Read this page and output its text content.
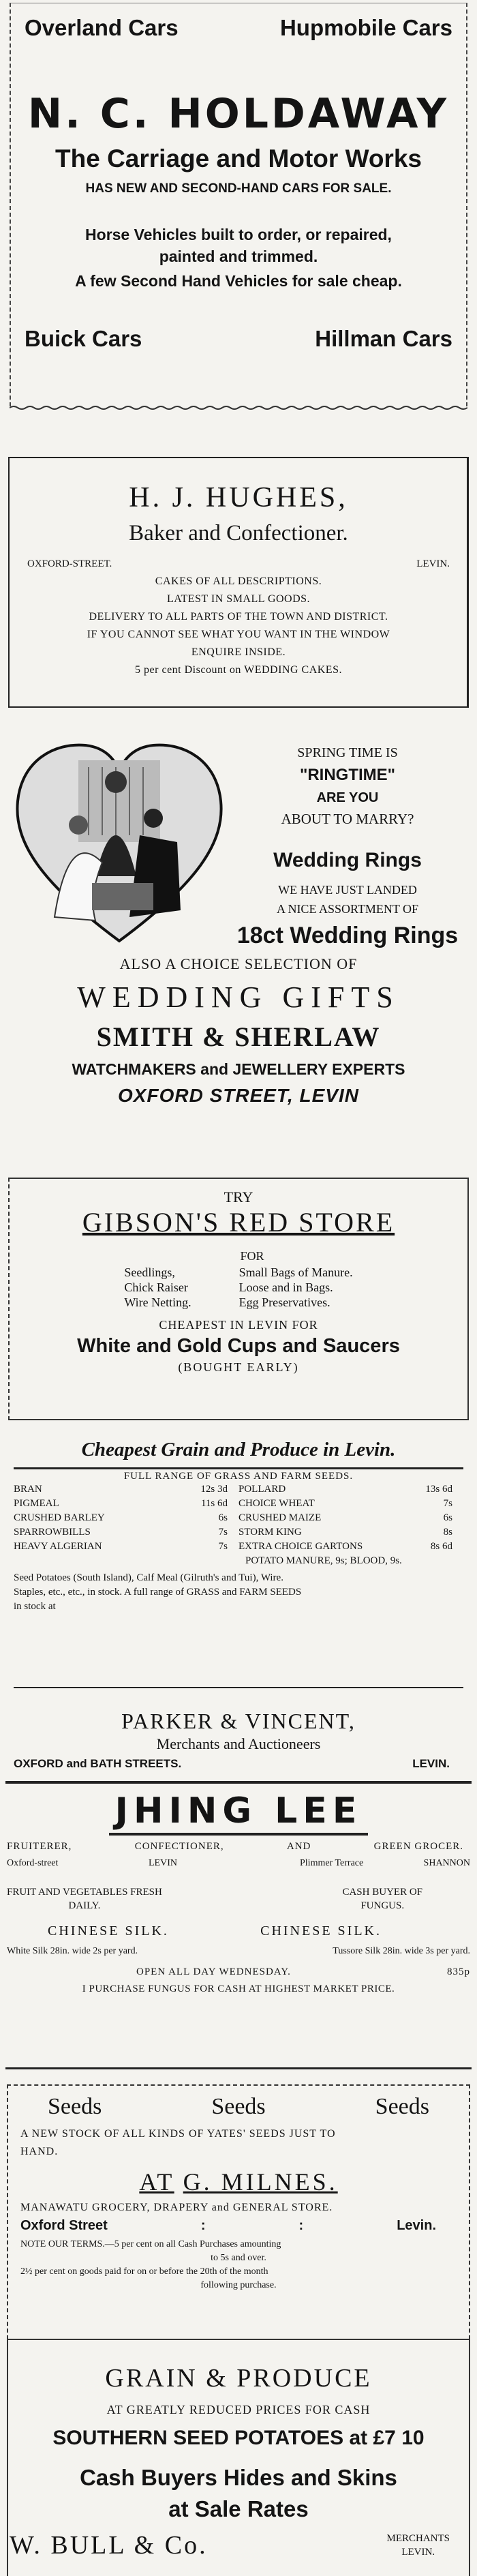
Overland Cars	Hupmobile Cars
N. C. HOLDAWAY
The Carriage and Motor Works
HAS NEW AND SECOND-HAND CARS FOR SALE.
Horse Vehicles built to order, or repaired,
painted and trimmed.
A few Second Hand Vehicles for sale cheap.
Buick Cars	Hillman Cars
H. J. HUGHES,
Baker and Confectioner.
OXFORD-STREET.	LEVIN.
CAKES OF ALL DESCRIPTIONS.
LATEST IN SMALL GOODS.
DELIVERY TO ALL PARTS OF THE TOWN AND DISTRICT.
IF YOU CANNOT SEE WHAT YOU WANT IN THE WINDOW
ENQUIRE INSIDE.
5 per cent Discount on WEDDING CAKES.
SPRING TIME IS
"RINGTIME"
ARE YOU
ABOUT TO MARRY?
Wedding Rings
WE HAVE JUST LANDED
A NICE ASSORTMENT OF
18ct Wedding Rings
ALSO A CHOICE SELECTION OF
WEDDING GIFTS
SMITH & SHERLAW
WATCHMAKERS and JEWELLERY EXPERTS
OXFORD STREET, LEVIN
TRY
GIBSON'S RED STORE
FOR
Seedlings,
Chick Raiser
Wire Netting.
Small Bags of Manure.
Loose and in Bags.
Egg Preservatives.
CHEAPEST IN LEVIN FOR
White and Gold Cups and Saucers
(BOUGHT EARLY)
Cheapest Grain and Produce in Levin.
FULL RANGE OF GRASS AND FARM SEEDS.
BRAN	12s 3d POLLARD	13s 6d
PIGMEAL	11s 6d CHOICE WHEAT	7s
CRUSHED BARLEY	6s CRUSHED MAIZE	6s
SPARROWBILLS	7s STORM KING	8s
HEAVY ALGERIAN	7s EXTRA CHOICE GARTONS	8s 6d
POTATO MANURE, 9s; BLOOD, 9s.
Seed Potatoes (South Island), Calf Meal (Gilruth's and Tui), Wire.
Staples, etc., etc., in stock. A full range of GRASS and FARM SEEDS
in stock at
PARKER & VINCENT,
Merchants and Auctioneers
OXFORD and BATH STREETS.	LEVIN.
JHING LEE
FRUITERER,	CONFECTIONER,	AND	GREEN GROCER.
Oxford-street	LEVIN	Plimmer Terrace	SHANNON
FRUIT AND VEGETABLES FRESH
DAILY.
CASH BUYER OF
FUNGUS.
CHINESE SILK.	CHINESE SILK.
White Silk 28in. wide 2s per yard.	Tussore Silk 28in. wide 3s per yard.
OPEN ALL DAY WEDNESDAY.	835p
I PURCHASE FUNGUS FOR CASH AT HIGHEST MARKET PRICE.
Seeds	Seeds	Seeds
A NEW STOCK OF ALL KINDS OF YATES' SEEDS JUST TO
HAND.
AT G. MILNES.
MANAWATU GROCERY, DRAPERY and GENERAL STORE.
Oxford Street	:	:	Levin.
NOTE OUR TERMS.—5 per cent on all Cash Purchases amounting
to 5s and over.
2½ per cent on goods paid for on or before the 20th of the month
following purchase.
GRAIN & PRODUCE
AT GREATLY REDUCED PRICES FOR CASH
SOUTHERN SEED POTATOES at £7 10
Cash Buyers Hides and Skins
at Sale Rates
W. BULL & Co.	MERCHANTS
LEVIN.
